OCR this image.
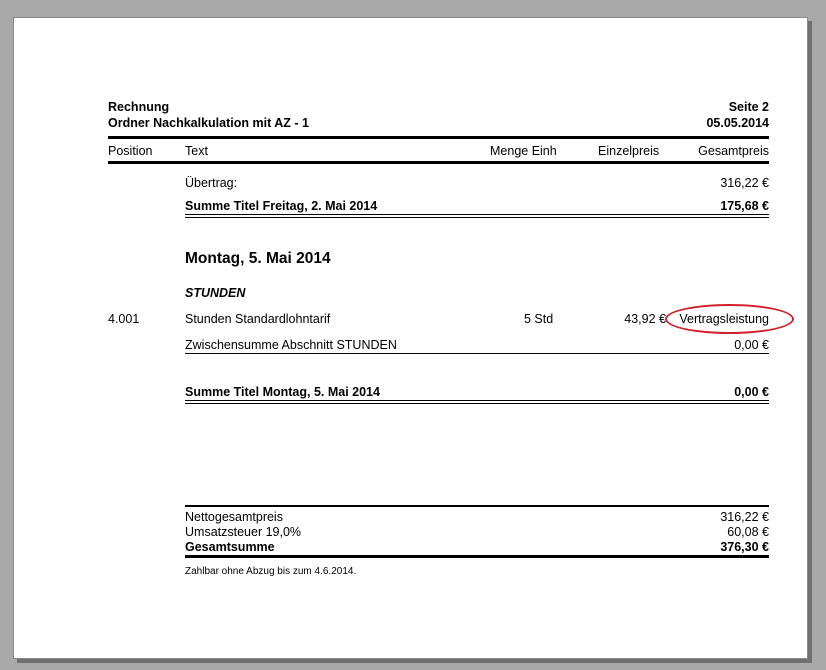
Rechnung
Ordner Nachkalkulation mit AZ - 1
Seite 2
05.05.2014
Position	Text	Menge Einh	Einzelpreis	Gesamtpreis
Übertrag:	316,22 €
Summe Titel Freitag, 2. Mai 2014	175,68 €
Montag, 5. Mai 2014
STUNDEN
4.001	Stunden Standardlohntarif	5 Std	43,92 € Vertragsleistung
Zwischensumme Abschnitt STUNDEN	0,00 €
Summe Titel Montag, 5. Mai 2014	0,00 €
Nettogesamtpreis	316,22 €
Umsatzsteuer 19,0%	60,08 €
Gesamtsumme	376,30 €
Zahlbar ohne Abzug bis zum 4.6.2014.
